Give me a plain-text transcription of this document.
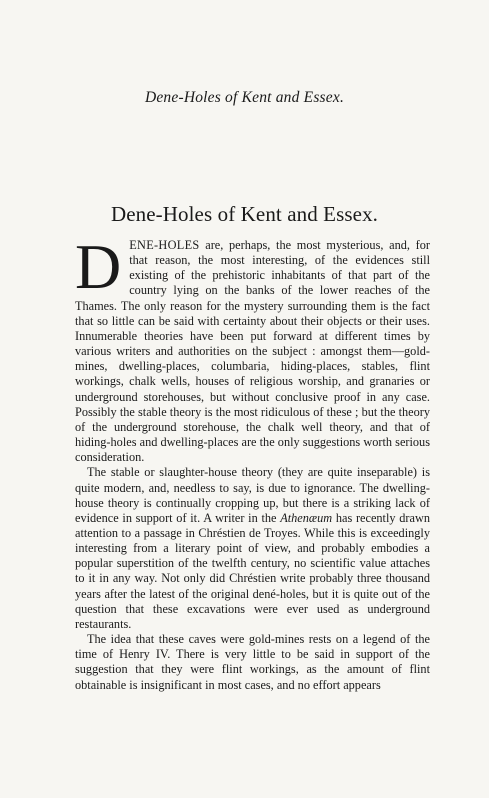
Dene-Holes of Kent and Essex.
Dene-Holes of Kent and Essex.

DENE-HOLES are, perhaps, the most mysterious, and, for that reason, the most interesting, of the evidences still existing of the prehistoric inhabitants of that part of the country lying on the banks of the lower reaches of the Thames. The only reason for the mystery surrounding them is the fact that so little can be said with certainty about their objects or their uses. Innumerable theories have been put forward at different times by various writers and authorities on the subject : amongst them—gold-mines, dwelling-places, columbaria, hiding-places, stables, flint workings, chalk wells, houses of religious worship, and granaries or underground storehouses, but without conclusive proof in any case. Possibly the stable theory is the most ridiculous of these ; but the theory of the underground storehouse, the chalk well theory, and that of hiding-holes and dwelling-places are the only suggestions worth serious consideration.

The stable or slaughter-house theory (they are quite inseparable) is quite modern, and, needless to say, is due to ignorance. The dwelling-house theory is continually cropping up, but there is a striking lack of evidence in support of it. A writer in the Athenæum has recently drawn attention to a passage in Chréstien de Troyes. While this is exceedingly interesting from a literary point of view, and probably embodies a popular superstition of the twelfth century, no scientific value attaches to it in any way. Not only did Chréstien write probably three thousand years after the latest of the original dené-holes, but it is quite out of the question that these excavations were ever used as underground restaurants.

The idea that these caves were gold-mines rests on a legend of the time of Henry IV. There is very little to be said in support of the suggestion that they were flint workings, as the amount of flint obtainable is insignificant in most cases, and no effort appears
